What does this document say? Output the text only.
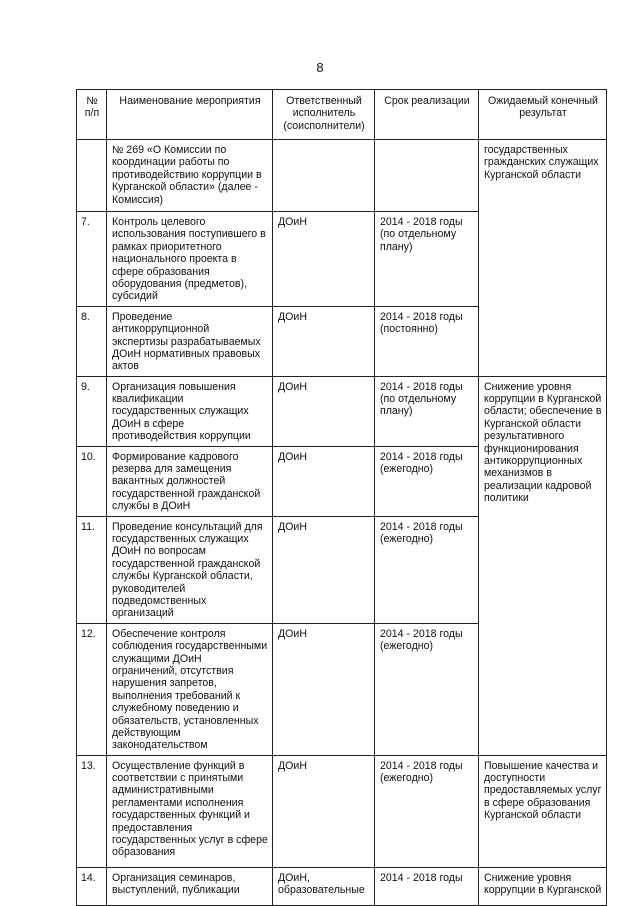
8
№ п/п	Наименование мероприятия	Ответственный исполнитель (соисполнители)	Срок реализации	Ожидаемый конечный результат
	№ 269 «О Комиссии по координации работы по противодействию коррупции в Курганской области» (далее - Комиссия)			государственных гражданских служащих Курганской области
7.	Контроль целевого использования поступившего в рамках приоритетного национального проекта в сфере образования оборудования (предметов), субсидий	ДОиН	2014 - 2018 годы (по отдельному плану)	
8.	Проведение антикоррупционной экспертизы разрабатываемых ДОиН нормативных правовых актов	ДОиН	2014 - 2018 годы (постоянно)	
9.	Организация повышения квалификации государственных служащих ДОиН в сфере противодействия коррупции	ДОиН	2014 - 2018 годы (по отдельному плану)	Снижение уровня коррупции в Курганской области; обеспечение в Курганской области результативного функционирования антикоррупционных механизмов в реализации кадровой политики
10.	Формирование кадрового резерва для замещения вакантных должностей государственной гражданской службы в ДОиН	ДОиН	2014 - 2018 годы (ежегодно)	
11.	Проведение консультаций для государственных служащих ДОиН по вопросам государственной гражданской службы Курганской области, руководителей подведомственных организаций	ДОиН	2014 - 2018 годы (ежегодно)	
12.	Обеспечение контроля соблюдения государственными служащими ДОиН ограничений, отсутствия нарушения запретов, выполнения требований к служебному поведению и обязательств, установленных действующим законодательством	ДОиН	2014 - 2018 годы (ежегодно)	
13.	Осуществление функций в соответствии с принятыми административными регламентами исполнения государственных функций и предоставления государственных услуг в сфере образования	ДОиН	2014 - 2018 годы (ежегодно)	Повышение качества и доступности предоставляемых услуг в сфере образования Курганской области
14.	Организация семинаров, выступлений, публикации	ДОиН, образовательные	2014 - 2018 годы	Снижение уровня коррупции в Курганской
